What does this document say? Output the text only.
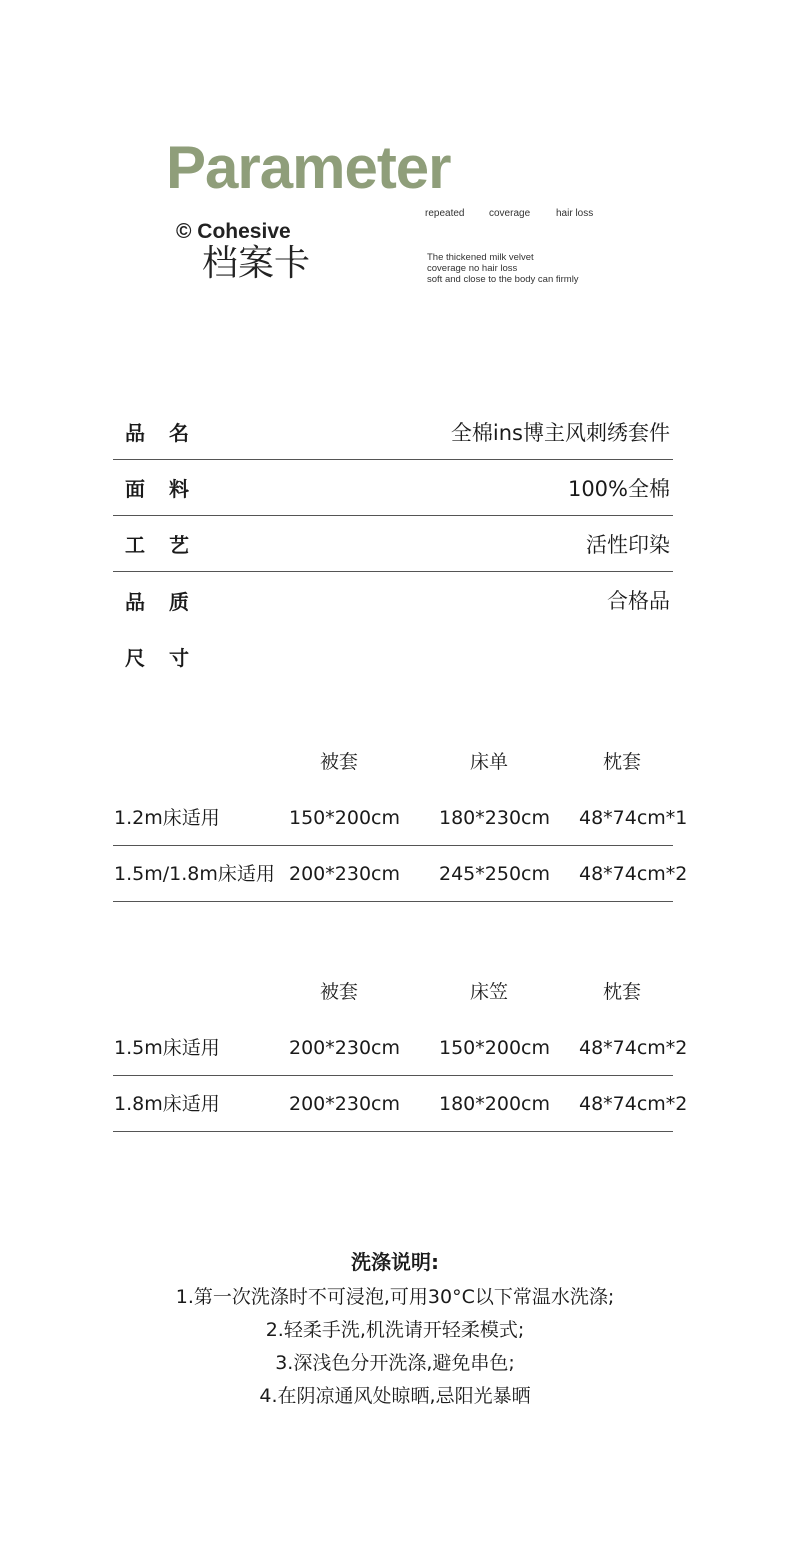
Parameter
© Cohesive
档案卡
repeated coverage	hair loss
The thickened milk velvet
coverage no hair loss
soft and close to the body can firmly
品名	全棉ins博主风刺绣套件
面料	100%全棉
工艺	活性印染
品质	合格品
尺寸
被套	床单	枕套
1.2m床适用	150*200cm 180*230cm 48*74cm*1
1.5m/1.8m床适用 200*230cm 245*250cm 48*74cm*2
被套	床笠	枕套
1.5m床适用	200*230cm 150*200cm 48*74cm*2
1.8m床适用	200*230cm 180*200cm 48*74cm*2
洗涤说明:
1.第一次洗涤时不可浸泡,可用30°C以下常温水洗涤;
2.轻柔手洗,机洗请开轻柔模式;
3.深浅色分开洗涤,避免串色;
4.在阴凉通风处晾晒,忌阳光暴晒
